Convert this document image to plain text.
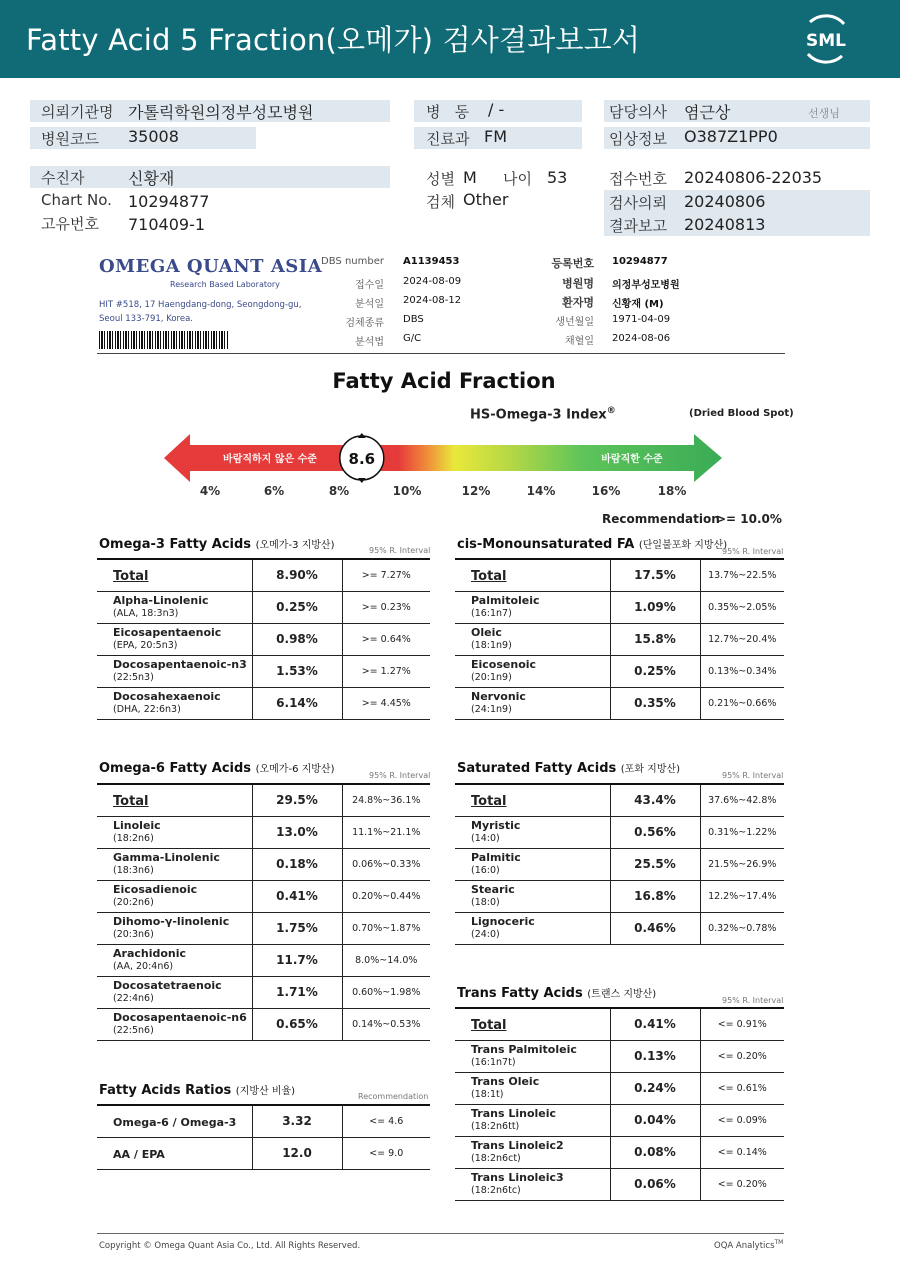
Fatty Acid 5 Fraction(오메가) 검사결과보고서	SML
의뢰기관명 가톨릭학원의정부성모병원
병원코드 35008
병   동 / -
진료과 FM
담당의사 염근상	선생님
임상정보 O387Z1PP0
수진자	신황재
Chart No. 10294877
고유번호 710409-1
성별 M 나이 53
검체 Other
접수번호 20240806-22035
검사의뢰 20240806
결과보고 20240813
OMEGA QUANT ASIA
Research Based Laboratory
HIT #518, 17 Haengdang-dong, Seongdong-gu,
Seoul 133-791, Korea.
DBS number A1139453
접수일 2024-08-09
분석일 2024-08-12
검체종류 DBS
분석법 G/C
등록번호 10294877
병원명 의정부성모병원
환자명 신황재 (M)
생년월일 1971-04-09
채혈일 2024-08-06
Fatty Acid Fraction
HS-Omega-3 Index®	(Dried Blood Spot)
바람직하지 않은 수준	바람직한 수준
8.6
4%	6%	8%	10%	12%	14%	16%	18%
Recommendation
>= 10.0%
Omega-3 Fatty Acids (오메가-3 지방산)	95% R. Interval
Total	8.90%	>= 7.27%
Alpha-Linolenic
(ALA, 18:3n3)	0.25%	>= 0.23%
Eicosapentaenoic
(EPA, 20:5n3)	0.98%	>= 0.64%
Docosapentaenoic-n3
(22:5n3)	1.53%	>= 1.27%
Docosahexaenoic
(DHA, 22:6n3)	6.14%	>= 4.45%
cis-Monounsaturated FA (단일불포화 지방산)
95% R. Interval
Total	17.5%	13.7%~22.5%
Palmitoleic
(16:1n7)	1.09%	0.35%~2.05%
Oleic
(18:1n9)	15.8%	12.7%~20.4%
Eicosenoic
(20:1n9)	0.25%	0.13%~0.34%
Nervonic
(24:1n9)	0.35%	0.21%~0.66%
Omega-6 Fatty Acids (오메가-6 지방산)
95% R. Interval
Total	29.5%	24.8%~36.1%
Linoleic
(18:2n6)	13.0%	11.1%~21.1%
Gamma-Linolenic
(18:3n6)	0.18%	0.06%~0.33%
Eicosadienoic
(20:2n6)	0.41%	0.20%~0.44%
Dihomo-γ-linolenic
(20:3n6)	1.75%	0.70%~1.87%
Arachidonic
(AA, 20:4n6)	11.7%	8.0%~14.0%
Docosatetraenoic
(22:4n6)	1.71%	0.60%~1.98%
Docosapentaenoic-n6
(22:5n6)	0.65%	0.14%~0.53%
Saturated Fatty Acids (포화 지방산)
95% R. Interval
Total	43.4%	37.6%~42.8%
Myristic
(14:0)	0.56%	0.31%~1.22%
Palmitic
(16:0)	25.5%	21.5%~26.9%
Stearic
(18:0)	16.8%	12.2%~17.4%
Lignoceric
(24:0)	0.46%	0.32%~0.78%
Trans Fatty Acids (트랜스 지방산)
95% R. Interval
Total	0.41%	<= 0.91%
Trans Palmitoleic
(16:1n7t)	0.13%	<= 0.20%
Trans Oleic
(18:1t)	0.24%	<= 0.61%
Trans Linoleic
(18:2n6tt)	0.04%	<= 0.09%
Trans Linoleic2
(18:2n6ct)	0.08%	<= 0.14%
Trans Linoleic3
(18:2n6tc)	0.06%	<= 0.20%
Fatty Acids Ratios (지방산 비율)	Recommendation
Omega-6 / Omega-3	3.32	<= 4.6
AA / EPA	12.0	<= 9.0
Copyright © Omega Quant Asia Co., Ltd. All Rights Reserved.	OQA Analytics™
